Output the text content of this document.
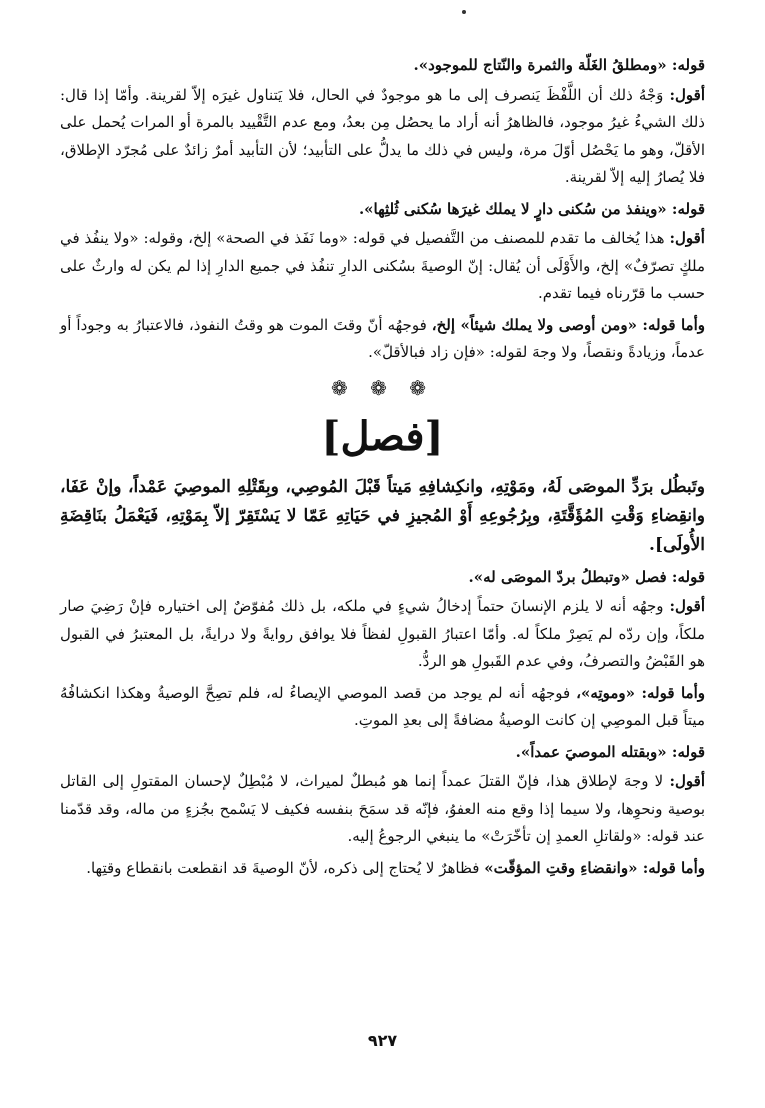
قوله: «ومطلقُ الغَلّة والثمرة والنّتاج للموجود».

أقول: وَجْهُ ذلك أن اللَّفْظَ يَنصرف إلى ما هو موجودٌ في الحال، فلا يَتناول غيرَه إلاّ لقرينة. وأمّا إذا قال: ذلك الشيءُ غيرُ موجود، فالظاهرُ أنه أراد ما يحصُل مِن بعدُ، ومع عدم التَّقْييد بالمرة أو المرات يُحمل على الأقلّ، وهو ما يَحْصُل أوّلَ مرة، وليس في ذلك ما يدلُّ على التأبيد؛ لأن التأبيد أمرٌ زائدٌ على مُجرّد الإطلاق، فلا يُصارُ إليه إلاّ لقرينة.

قوله: «وينفذ من سُكنى دارٍ لا يملك غيرَها سُكنى ثُلثِها».

أقول: هذا يُخالف ما تقدم للمصنف من التَّفصيل في قوله: «وما نَفَذ في الصحة» إلخ، وقوله: «ولا ينفُذ في ملكٍ تصرّفٌ» إلخ، والأَوْلَى أن يُقال: إنّ الوصيةَ بسُكنى الدارِ تنفُذ في جميع الدارِ إذا لم يكن له وارثٌ على حسب ما قرّرناه فيما تقدم.

وأما قوله: «ومن أوصى ولا يملك شيئاً» إلخ، فوجهُه أنّ وقتَ الموت هو وقتُ النفوذ، فالاعتبارُ به وجوداً أو عدماً، وزيادةً ونقصاً، ولا وجهَ لقوله: «فإن زاد فبالأقلّ».

❁ ❁ ❁
[فصل]

وتَبطُل برَدِّ الموصَى لَهُ، ومَوْتِهِ، وانكِشافِهِ مَيتاً قَبْلَ المُوصِي، وبِقَتْلِهِ الموصِيَ عَمْداً، وإنْ عَفَا، وانقِضاءِ وَقْتِ المُؤَقَّتَةِ، وبِرُجُوعِهِ أَوْ المُجيزِ في حَيَاتِهِ عَمّا لا يَسْتَقِرّ إلاّ بِمَوْتِهِ، فَيَعْمَلُ بنَاقِضَةِ الأُولَى].

قوله: فصل «وتبطلُ بردّ الموصَى له».

أقول: وجهُه أنه لا يلزم الإنسانَ حتماً إدخالُ شيءٍ في ملكه، بل ذلك مُفوّضٌ إلى اختياره فإنْ رَضِيَ صار ملكاً، وإن ردّه لم يَصِرْ ملكاً له. وأمّا اعتبارُ القبولِ لفظاً فلا يوافق روايةً ولا درايةً، بل المعتبرُ في القبول هو القَبْضُ والتصرفُ، وفي عدم القَبولِ هو الردُّ.

وأما قوله: «وموتِه»، فوجهُه أنه لم يوجد من قصد الموصي الإيصاءُ له، فلم تصِحَّ الوصيةُ وهكذا انكشافُهُ ميتاً قبل الموصِي إن كانت الوصيةُ مضافةً إلى بعدِ الموتِ.

قوله: «وبقتله الموصيَ عمداً».

أقول: لا وجهَ لإطلاق هذا، فإنّ القتلَ عمداً إنما هو مُبطلٌ لميراث، لا مُبْطِلٌ لإحسان المقتولِ إلى القاتل بوصية ونحوِها، ولا سيما إذا وقع منه العفوُ، فإنّه قد سمَحَ بنفسه فكيف لا يَسْمح بجُزءٍ من ماله، وقد قدّمنا عند قوله: «ولقاتلِ العمدِ إن تأخّرَتْ» ما ينبغي الرجوعُ إليه.

وأما قوله: «وانقضاءِ وقتِ المؤقّت» فظاهرٌ لا يُحتاج إلى ذكره، لأنّ الوصيةَ قد انقطعت بانقطاع وقتِها.

٩٢٧
